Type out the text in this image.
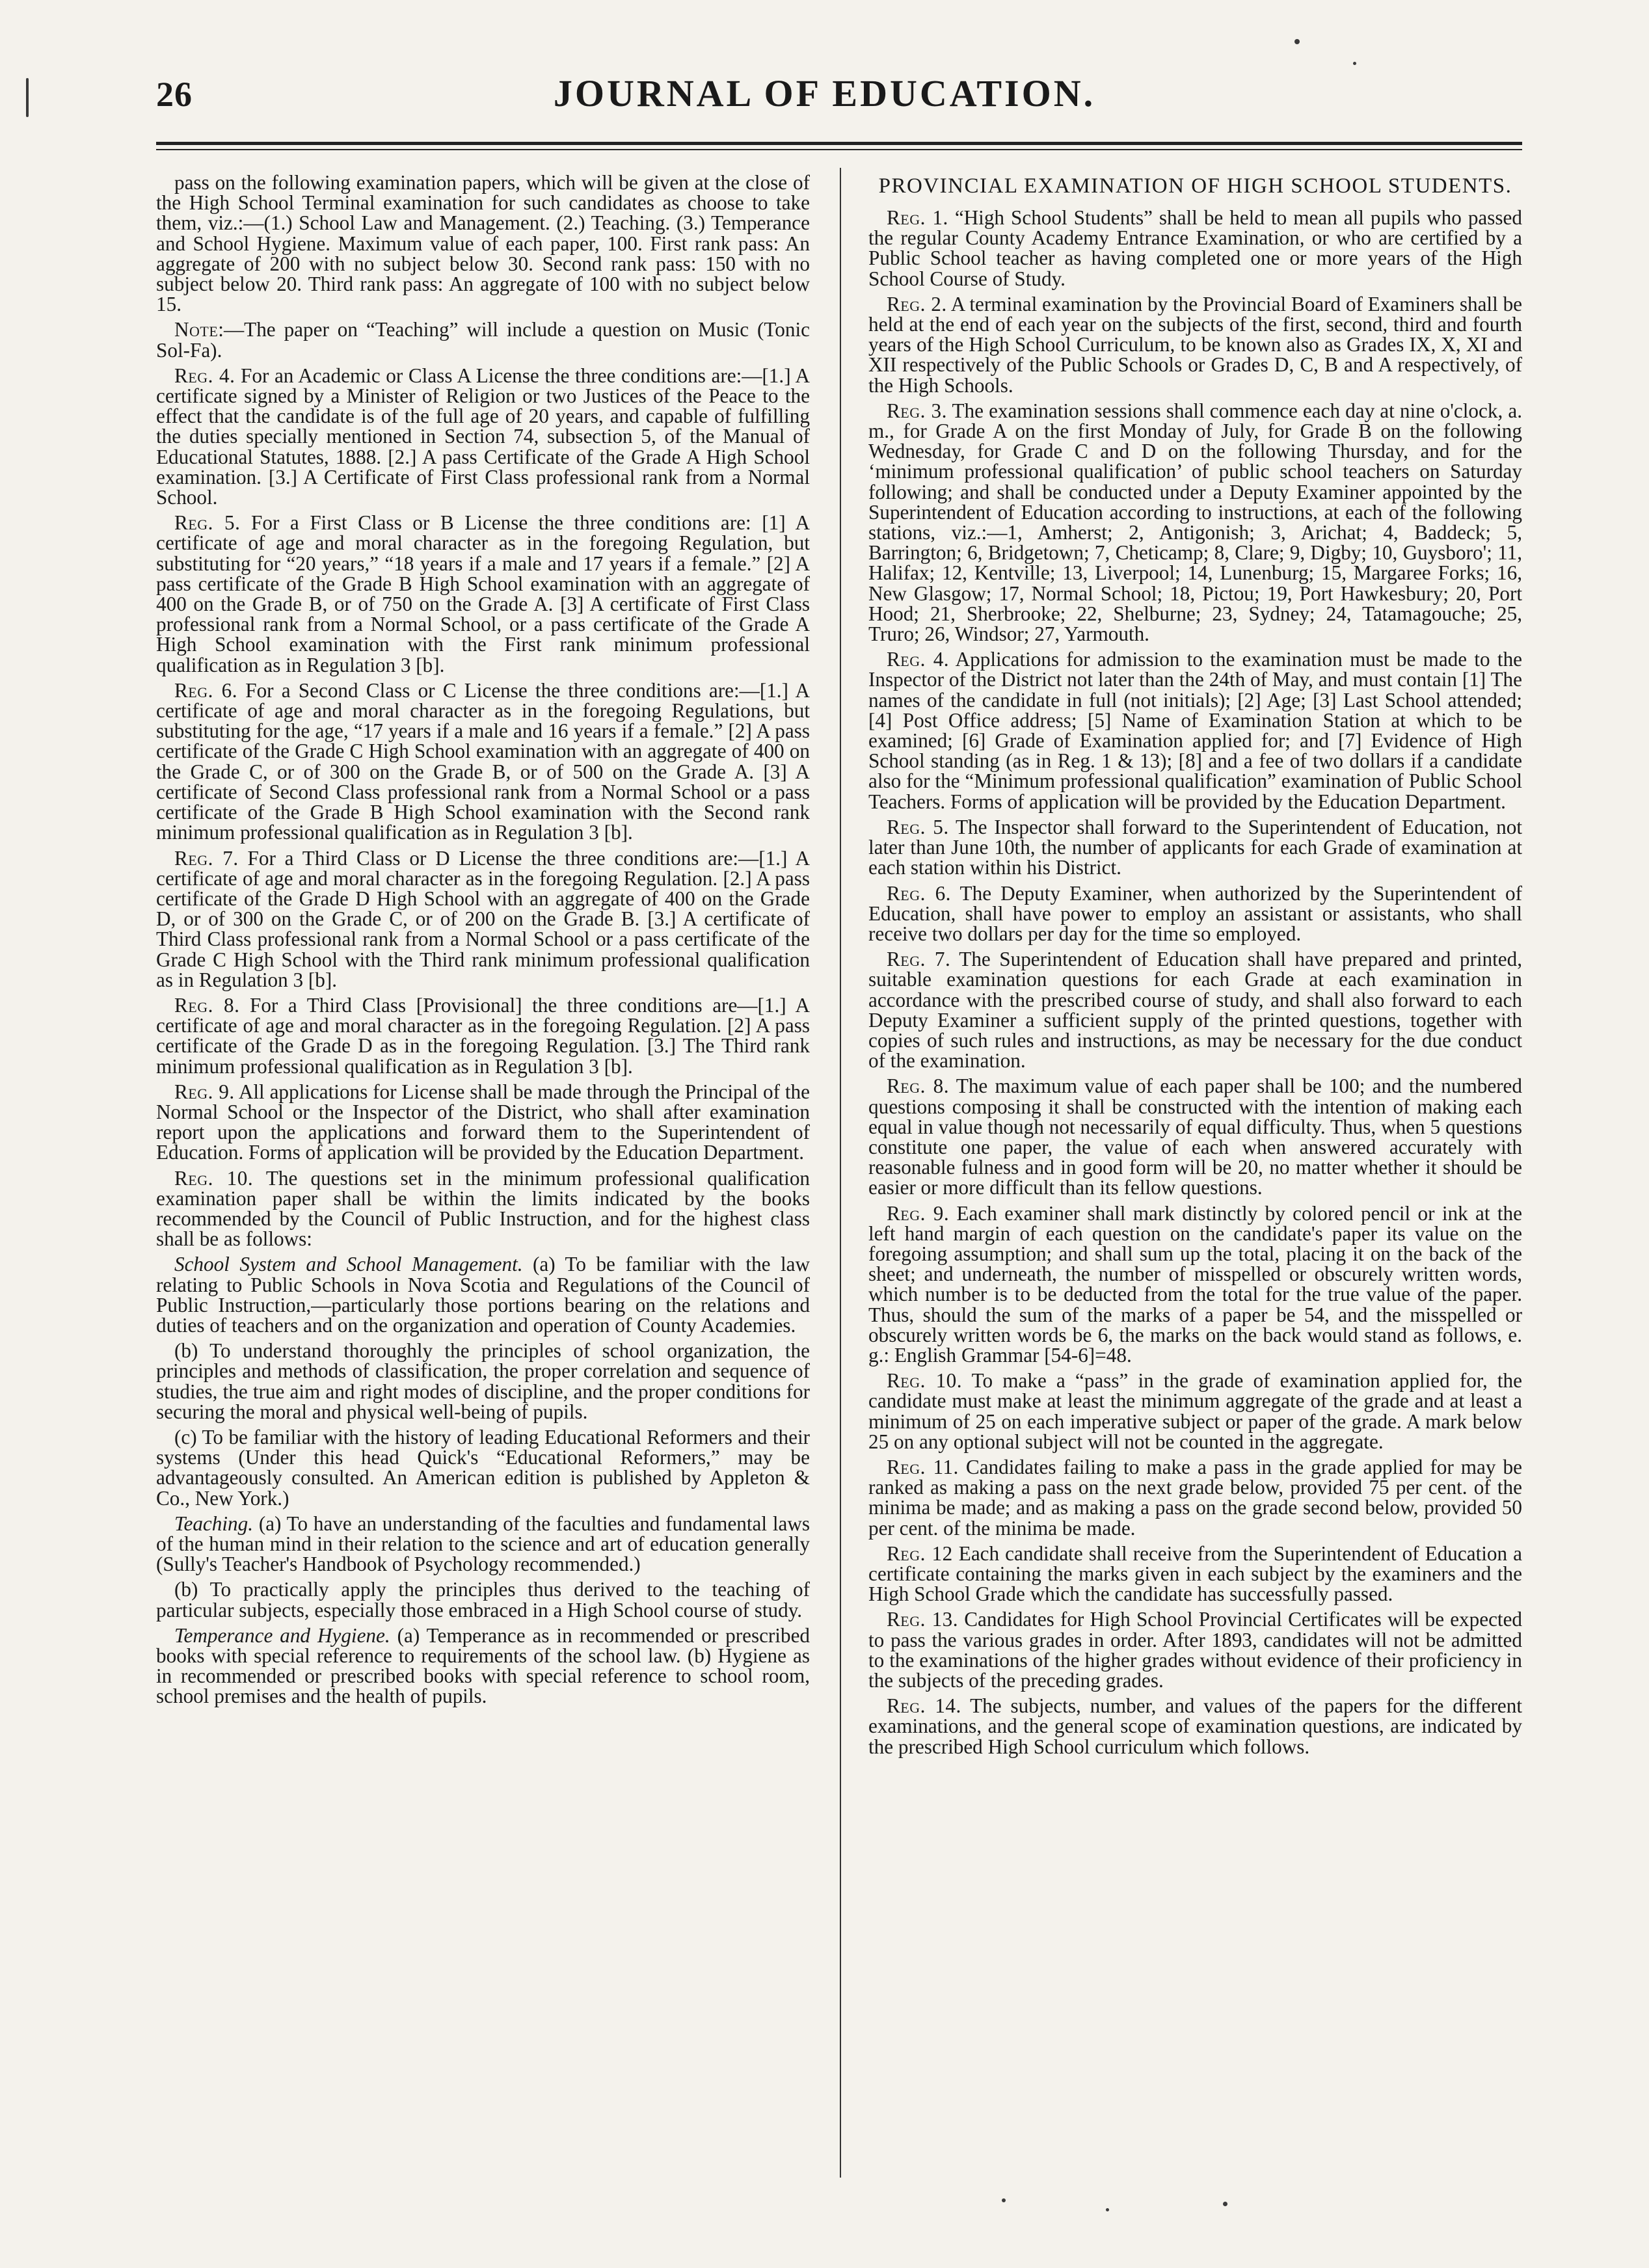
26	JOURNAL OF EDUCATION.

pass on the following examination papers, which will be given at the close of the High School Terminal examination for such candidates as choose to take them, viz.:—(1.) School Law and Management. (2.) Teaching. (3.) Temperance and School Hygiene. Maximum value of each paper, 100. First rank pass: An aggregate of 200 with no subject below 30. Second rank pass: 150 with no subject below 20. Third rank pass: An aggregate of 100 with no subject below 15.

Note:—The paper on “Teaching” will include a question on Music (Tonic Sol-Fa).

Reg. 4. For an Academic or Class A License the three conditions are:—[1.] A certificate signed by a Minister of Religion or two Justices of the Peace to the effect that the candidate is of the full age of 20 years, and capable of fulfilling the duties specially mentioned in Section 74, subsection 5, of the Manual of Educational Statutes, 1888. [2.] A pass Certificate of the Grade A High School examination. [3.] A Certificate of First Class professional rank from a Normal School.

Reg. 5. For a First Class or B License the three conditions are: [1] A certificate of age and moral character as in the foregoing Regulation, but substituting for “20 years,” “18 years if a male and 17 years if a female.” [2] A pass certificate of the Grade B High School examination with an aggregate of 400 on the Grade B, or of 750 on the Grade A. [3] A certificate of First Class professional rank from a Normal School, or a pass certificate of the Grade A High School examination with the First rank minimum professional qualification as in Regulation 3 [b].

Reg. 6. For a Second Class or C License the three conditions are:—[1.] A certificate of age and moral character as in the foregoing Regulations, but substituting for the age, “17 years if a male and 16 years if a female.” [2] A pass certificate of the Grade C High School examination with an aggregate of 400 on the Grade C, or of 300 on the Grade B, or of 500 on the Grade A. [3] A certificate of Second Class professional rank from a Normal School or a pass certificate of the Grade B High School examination with the Second rank minimum professional qualification as in Regulation 3 [b].

Reg. 7. For a Third Class or D License the three conditions are:—[1.] A certificate of age and moral character as in the foregoing Regulation. [2.] A pass certificate of the Grade D High School with an aggregate of 400 on the Grade D, or of 300 on the Grade C, or of 200 on the Grade B. [3.] A certificate of Third Class professional rank from a Normal School or a pass certificate of the Grade C High School with the Third rank minimum professional qualification as in Regulation 3 [b].

Reg. 8. For a Third Class [Provisional] the three conditions are—[1.] A certificate of age and moral character as in the foregoing Regulation. [2] A pass certificate of the Grade D as in the foregoing Regulation. [3.] The Third rank minimum professional qualification as in Regulation 3 [b].

Reg. 9. All applications for License shall be made through the Principal of the Normal School or the Inspector of the District, who shall after examination report upon the applications and forward them to the Superintendent of Education. Forms of application will be provided by the Education Department.

Reg. 10. The questions set in the minimum professional qualification examination paper shall be within the limits indicated by the books recommended by the Council of Public Instruction, and for the highest class shall be as follows:

School System and School Management. (a) To be familiar with the law relating to Public Schools in Nova Scotia and Regulations of the Council of Public Instruction,—particularly those portions bearing on the relations and duties of teachers and on the organization and operation of County Academies.

(b) To understand thoroughly the principles of school organization, the principles and methods of classification, the proper correlation and sequence of studies, the true aim and right modes of discipline, and the proper conditions for securing the moral and physical well-being of pupils.

(c) To be familiar with the history of leading Educational Reformers and their systems (Under this head Quick's “Educational Reformers,” may be advantageously consulted. An American edition is published by Appleton & Co., New York.)

Teaching. (a) To have an understanding of the faculties and fundamental laws of the human mind in their relation to the science and art of education generally (Sully's Teacher's Handbook of Psychology recommended.)

(b) To practically apply the principles thus derived to the teaching of particular subjects, especially those embraced in a High School course of study.

Temperance and Hygiene. (a) Temperance as in recommended or prescribed books with special reference to requirements of the school law. (b) Hygiene as in recommended or prescribed books with special reference to school room, school premises and the health of pupils.

PROVINCIAL EXAMINATION OF HIGH SCHOOL STUDENTS.

Reg. 1. “High School Students” shall be held to mean all pupils who passed the regular County Academy Entrance Examination, or who are certified by a Public School teacher as having completed one or more years of the High School Course of Study.

Reg. 2. A terminal examination by the Provincial Board of Examiners shall be held at the end of each year on the subjects of the first, second, third and fourth years of the High School Curriculum, to be known also as Grades IX, X, XI and XII respectively of the Public Schools or Grades D, C, B and A respectively, of the High Schools.

Reg. 3. The examination sessions shall commence each day at nine o'clock, a. m., for Grade A on the first Monday of July, for Grade B on the following Wednesday, for Grade C and D on the following Thursday, and for the ‘minimum professional qualification’ of public school teachers on Saturday following; and shall be conducted under a Deputy Examiner appointed by the Superintendent of Education according to instructions, at each of the following stations, viz.:—1, Amherst; 2, Antigonish; 3, Arichat; 4, Baddeck; 5, Barrington; 6, Bridgetown; 7, Cheticamp; 8, Clare; 9, Digby; 10, Guysboro'; 11, Halifax; 12, Kentville; 13, Liverpool; 14, Lunenburg; 15, Margaree Forks; 16, New Glasgow; 17, Normal School; 18, Pictou; 19, Port Hawkesbury; 20, Port Hood; 21, Sherbrooke; 22, Shelburne; 23, Sydney; 24, Tatamagouche; 25, Truro; 26, Windsor; 27, Yarmouth.

Reg. 4. Applications for admission to the examination must be made to the Inspector of the District not later than the 24th of May, and must contain [1] The names of the candidate in full (not initials); [2] Age; [3] Last School attended; [4] Post Office address; [5] Name of Examination Station at which to be examined; [6] Grade of Examination applied for; and [7] Evidence of High School standing (as in Reg. 1 & 13); [8] and a fee of two dollars if a candidate also for the “Minimum professional qualification” examination of Public School Teachers. Forms of application will be provided by the Education Department.

Reg. 5. The Inspector shall forward to the Superintendent of Education, not later than June 10th, the number of applicants for each Grade of examination at each station within his District.

Reg. 6. The Deputy Examiner, when authorized by the Superintendent of Education, shall have power to employ an assistant or assistants, who shall receive two dollars per day for the time so employed.

Reg. 7. The Superintendent of Education shall have prepared and printed, suitable examination questions for each Grade at each examination in accordance with the prescribed course of study, and shall also forward to each Deputy Examiner a sufficient supply of the printed questions, together with copies of such rules and instructions, as may be necessary for the due conduct of the examination.

Reg. 8. The maximum value of each paper shall be 100; and the numbered questions composing it shall be constructed with the intention of making each equal in value though not necessarily of equal difficulty. Thus, when 5 questions constitute one paper, the value of each when answered accurately with reasonable fulness and in good form will be 20, no matter whether it should be easier or more difficult than its fellow questions.

Reg. 9. Each examiner shall mark distinctly by colored pencil or ink at the left hand margin of each question on the candidate's paper its value on the foregoing assumption; and shall sum up the total, placing it on the back of the sheet; and underneath, the number of misspelled or obscurely written words, which number is to be deducted from the total for the true value of the paper. Thus, should the sum of the marks of a paper be 54, and the misspelled or obscurely written words be 6, the marks on the back would stand as follows, e. g.: English Grammar [54-6]=48.

Reg. 10. To make a “pass” in the grade of examination applied for, the candidate must make at least the minimum aggregate of the grade and at least a minimum of 25 on each imperative subject or paper of the grade. A mark below 25 on any optional subject will not be counted in the aggregate.

Reg. 11. Candidates failing to make a pass in the grade applied for may be ranked as making a pass on the next grade below, provided 75 per cent. of the minima be made; and as making a pass on the grade second below, provided 50 per cent. of the minima be made.

Reg. 12 Each candidate shall receive from the Superintendent of Education a certificate containing the marks given in each subject by the examiners and the High School Grade which the candidate has successfully passed.

Reg. 13. Candidates for High School Provincial Certificates will be expected to pass the various grades in order. After 1893, candidates will not be admitted to the examinations of the higher grades without evidence of their proficiency in the subjects of the preceding grades.

Reg. 14. The subjects, number, and values of the papers for the different examinations, and the general scope of examination questions, are indicated by the prescribed High School curriculum which follows.
